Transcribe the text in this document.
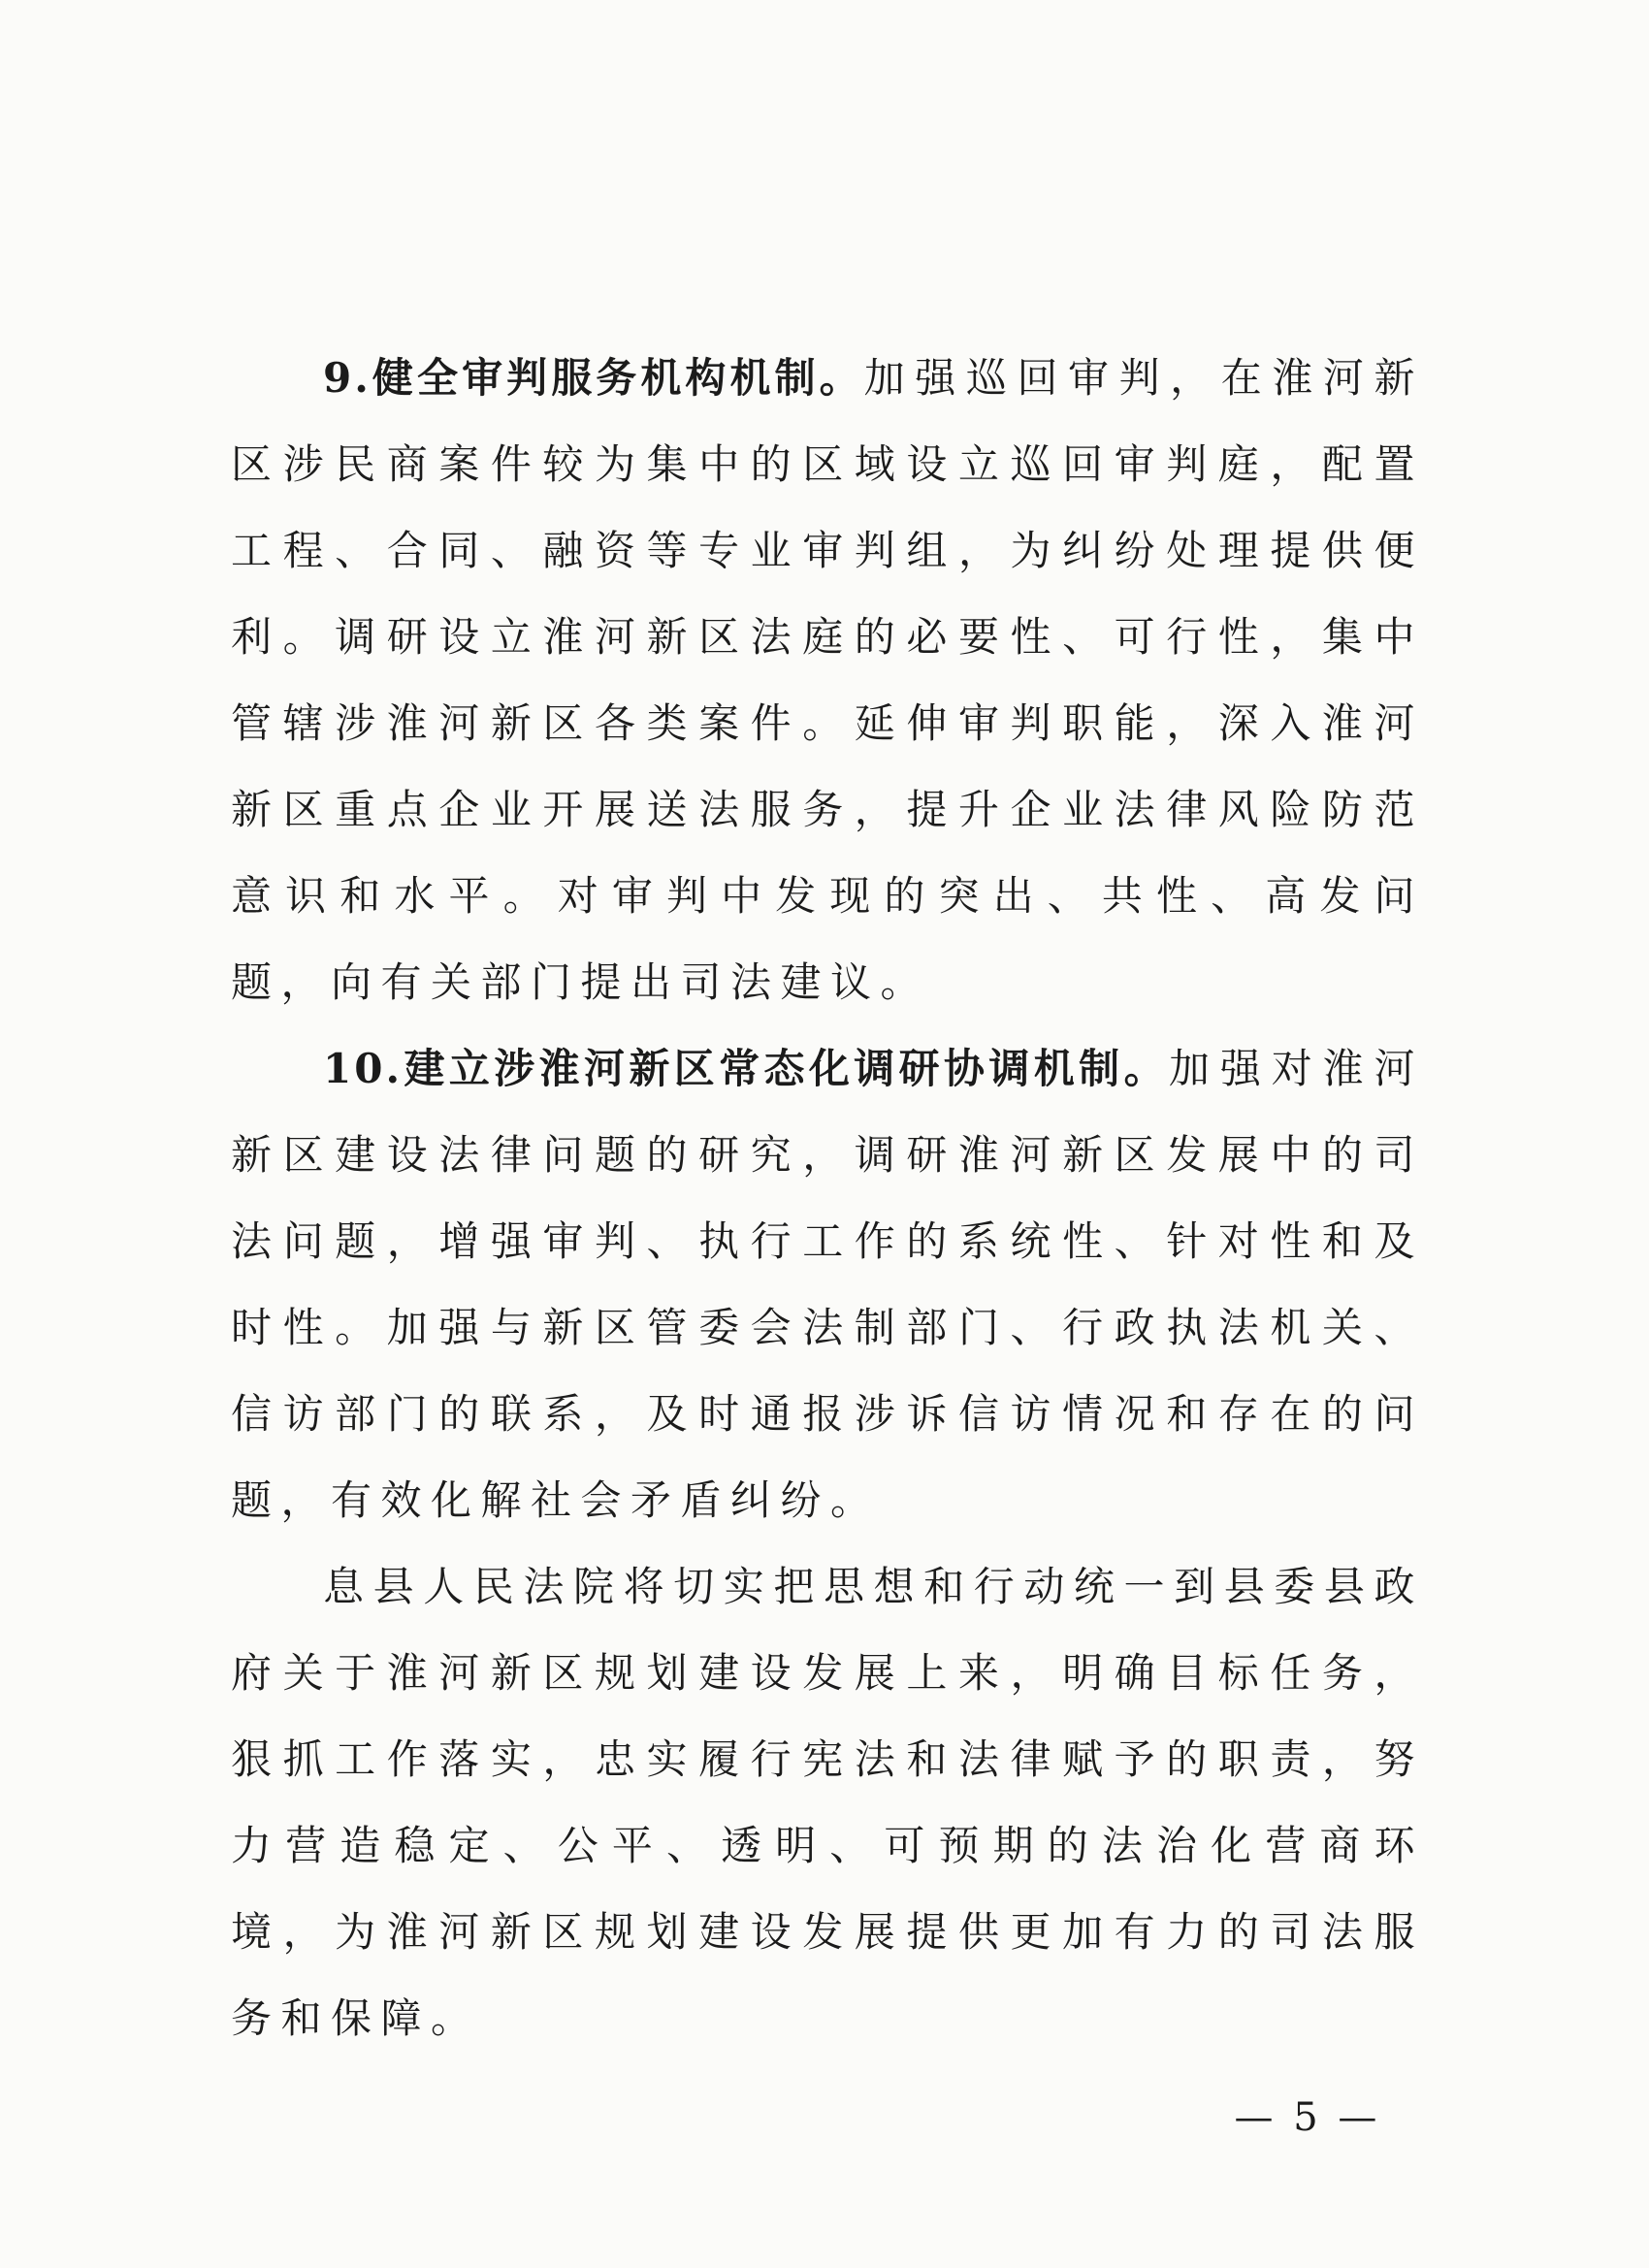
9.健全审判服务机构机制。加强巡回审判，在淮河新区涉民商案件较为集中的区域设立巡回审判庭，配置工程、合同、融资等专业审判组，为纠纷处理提供便利。调研设立淮河新区法庭的必要性、可行性，集中管辖涉淮河新区各类案件。延伸审判职能，深入淮河新区重点企业开展送法服务，提升企业法律风险防范意识和水平。对审判中发现的突出、共性、高发问题，向有关部门提出司法建议。

10.建立涉淮河新区常态化调研协调机制。加强对淮河新区建设法律问题的研究，调研淮河新区发展中的司法问题，增强审判、执行工作的系统性、针对性和及时性。加强与新区管委会法制部门、行政执法机关、信访部门的联系，及时通报涉诉信访情况和存在的问题，有效化解社会矛盾纠纷。

息县人民法院将切实把思想和行动统一到县委县政府关于淮河新区规划建设发展上来，明确目标任务，狠抓工作落实，忠实履行宪法和法律赋予的职责，努力营造稳定、公平、透明、可预期的法治化营商环境，为淮河新区规划建设发展提供更加有力的司法服务和保障。

— 5 —
